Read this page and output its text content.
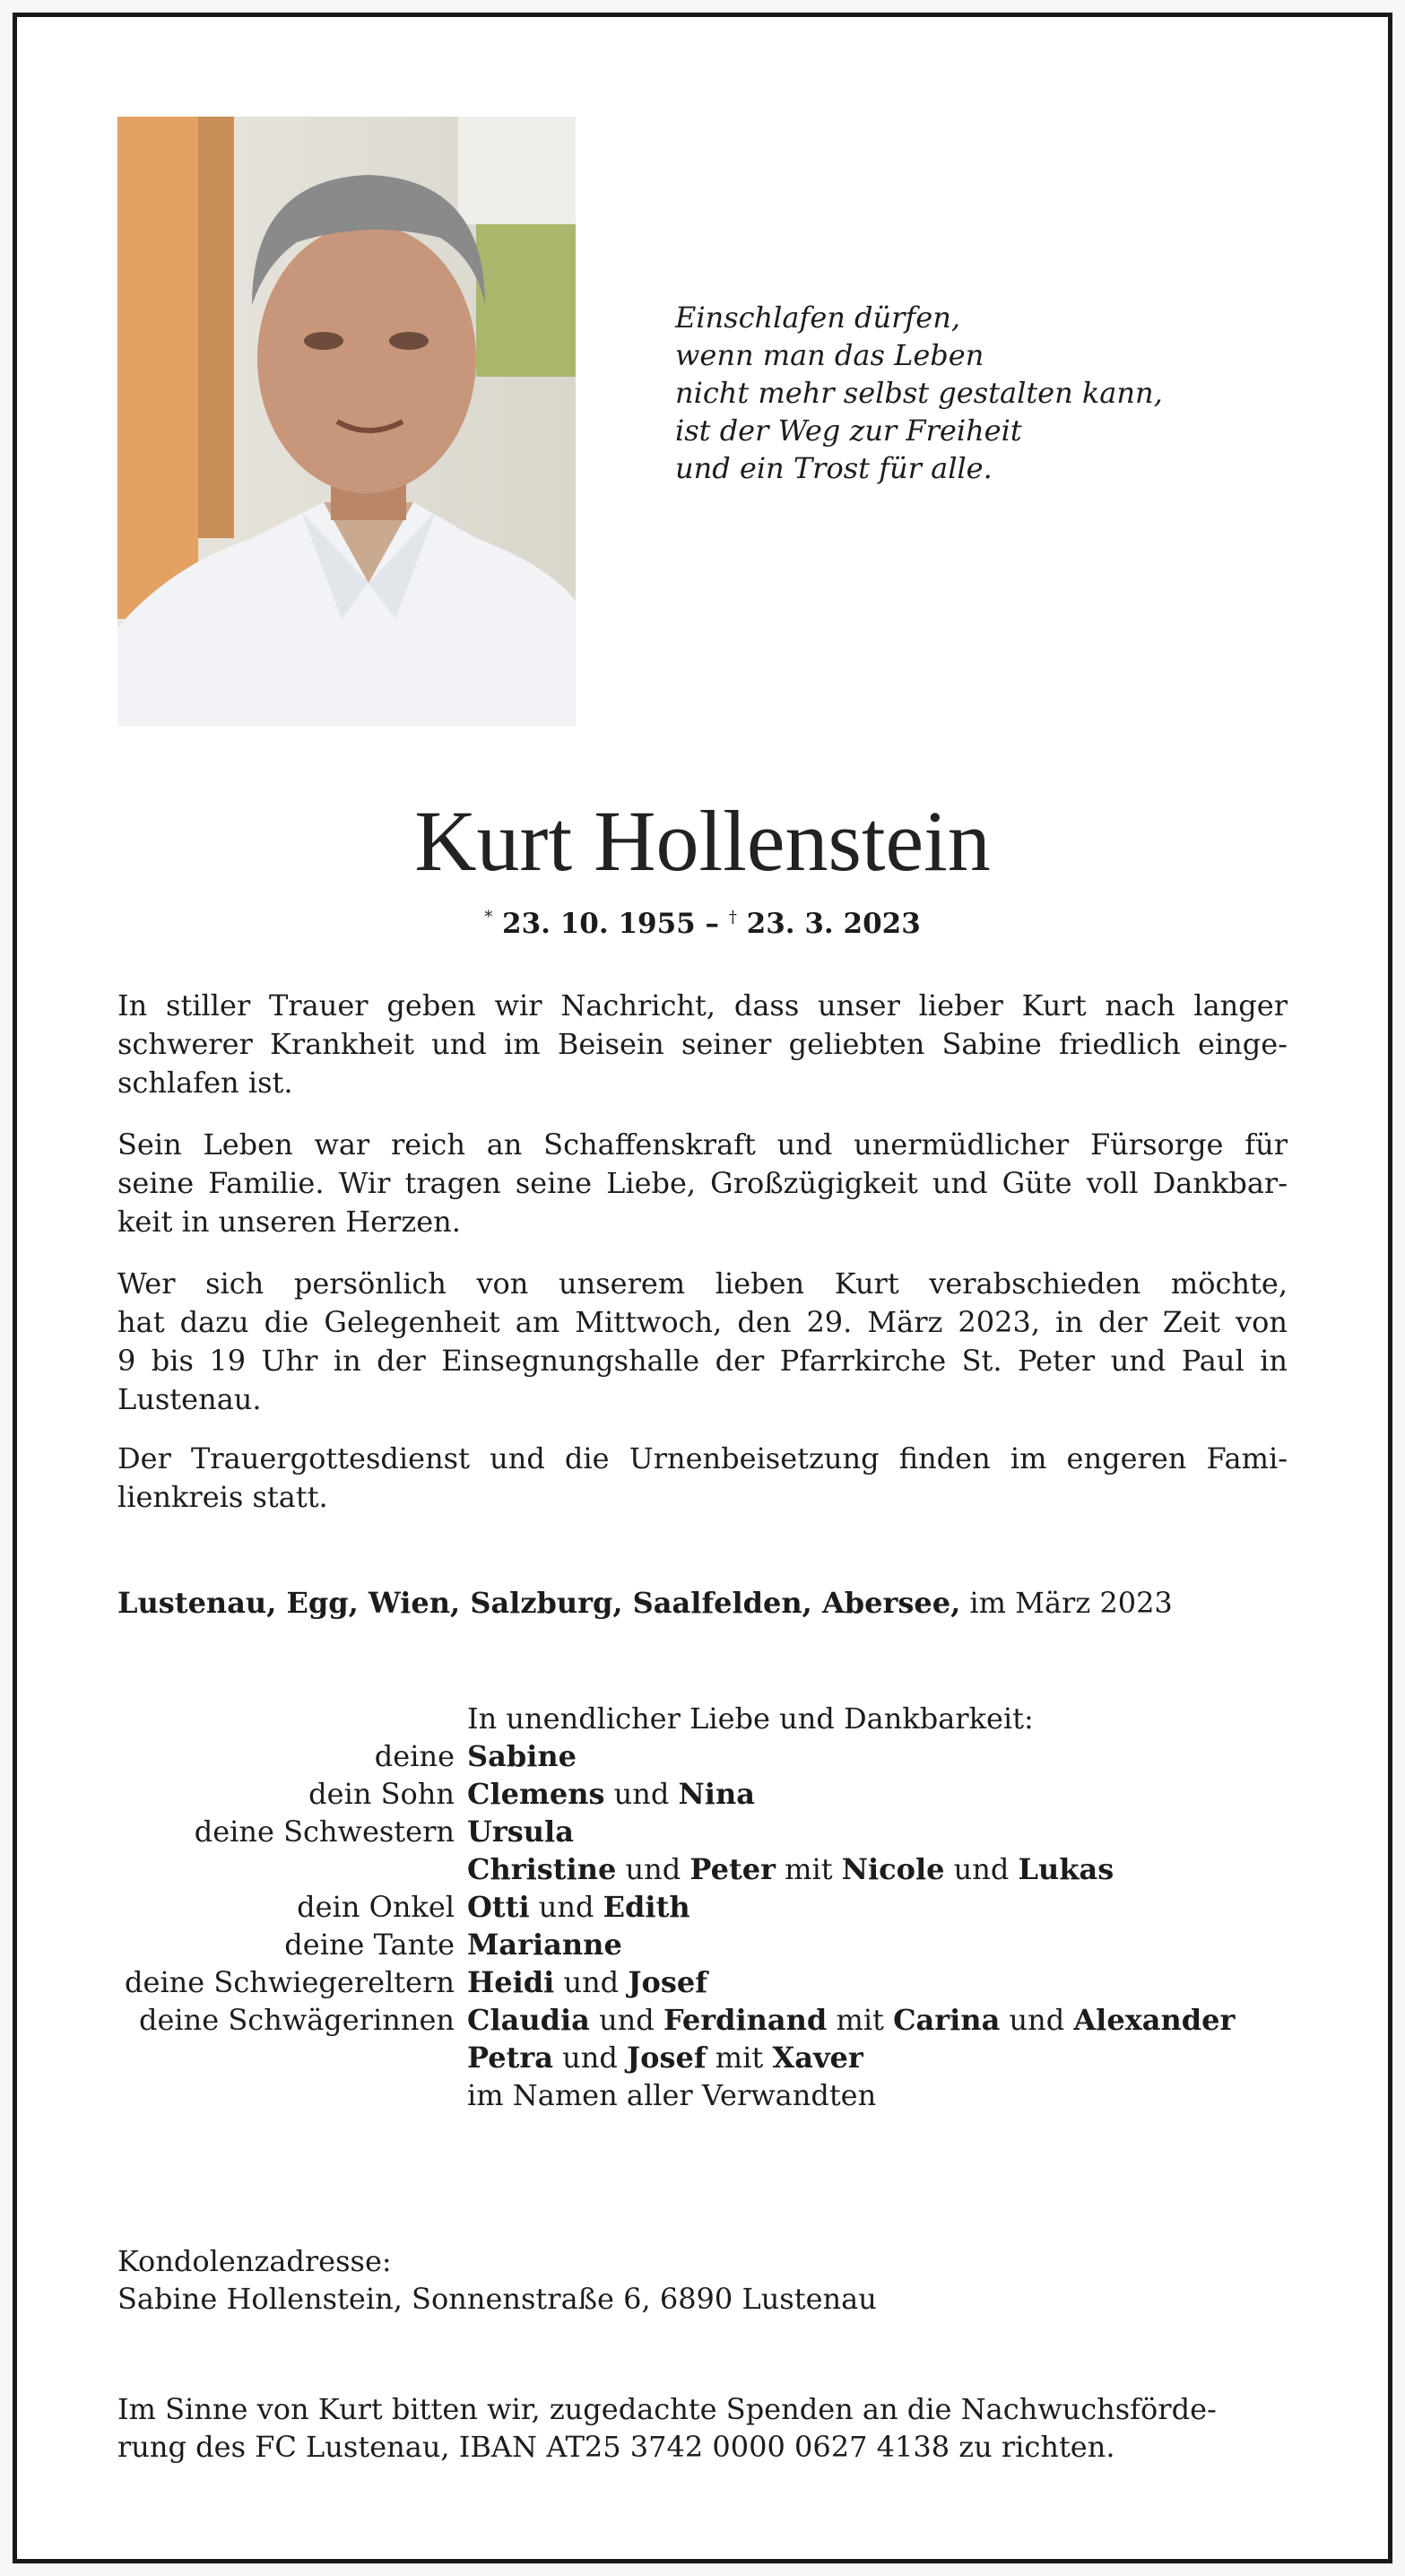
Einschlafen dürfen,
wenn man das Leben
nicht mehr selbst gestalten kann,
ist der Weg zur Freiheit
und ein Trost für alle.
Kurt Hollenstein
* 23. 10. 1955 – † 23. 3. 2023
In stiller Trauer geben wir Nachricht, dass unser lieber Kurt nach langer
schwerer Krankheit und im Beisein seiner geliebten Sabine friedlich einge-
schlafen ist.
Sein Leben war reich an Schaffenskraft und unermüdlicher Fürsorge für
seine Familie. Wir tragen seine Liebe, Großzügigkeit und Güte voll Dankbar-
keit in unseren Herzen.
Wer sich persönlich von unserem lieben Kurt verabschieden möchte,
hat dazu die Gelegenheit am Mittwoch, den 29. März 2023, in der Zeit von
9 bis 19 Uhr in der Einsegnungshalle der Pfarrkirche St. Peter und Paul in
Lustenau.
Der Trauergottesdienst und die Urnenbeisetzung finden im engeren Fami-
lienkreis statt.
Lustenau, Egg, Wien, Salzburg, Saalfelden, Abersee, im März 2023
In unendlicher Liebe und Dankbarkeit:
deine Sabine
dein Sohn Clemens und Nina
deine Schwestern Ursula
Christine und Peter mit Nicole und Lukas
dein Onkel Otti und Edith
deine Tante Marianne
deine Schwiegereltern Heidi und Josef
deine Schwägerinnen Claudia und Ferdinand mit Carina und Alexander
Petra und Josef mit Xaver
im Namen aller Verwandten
Kondolenzadresse:
Sabine Hollenstein, Sonnenstraße 6, 6890 Lustenau
Im Sinne von Kurt bitten wir, zugedachte Spenden an die Nachwuchsförde-
rung des FC Lustenau, IBAN AT25 3742 0000 0627 4138 zu richten.
